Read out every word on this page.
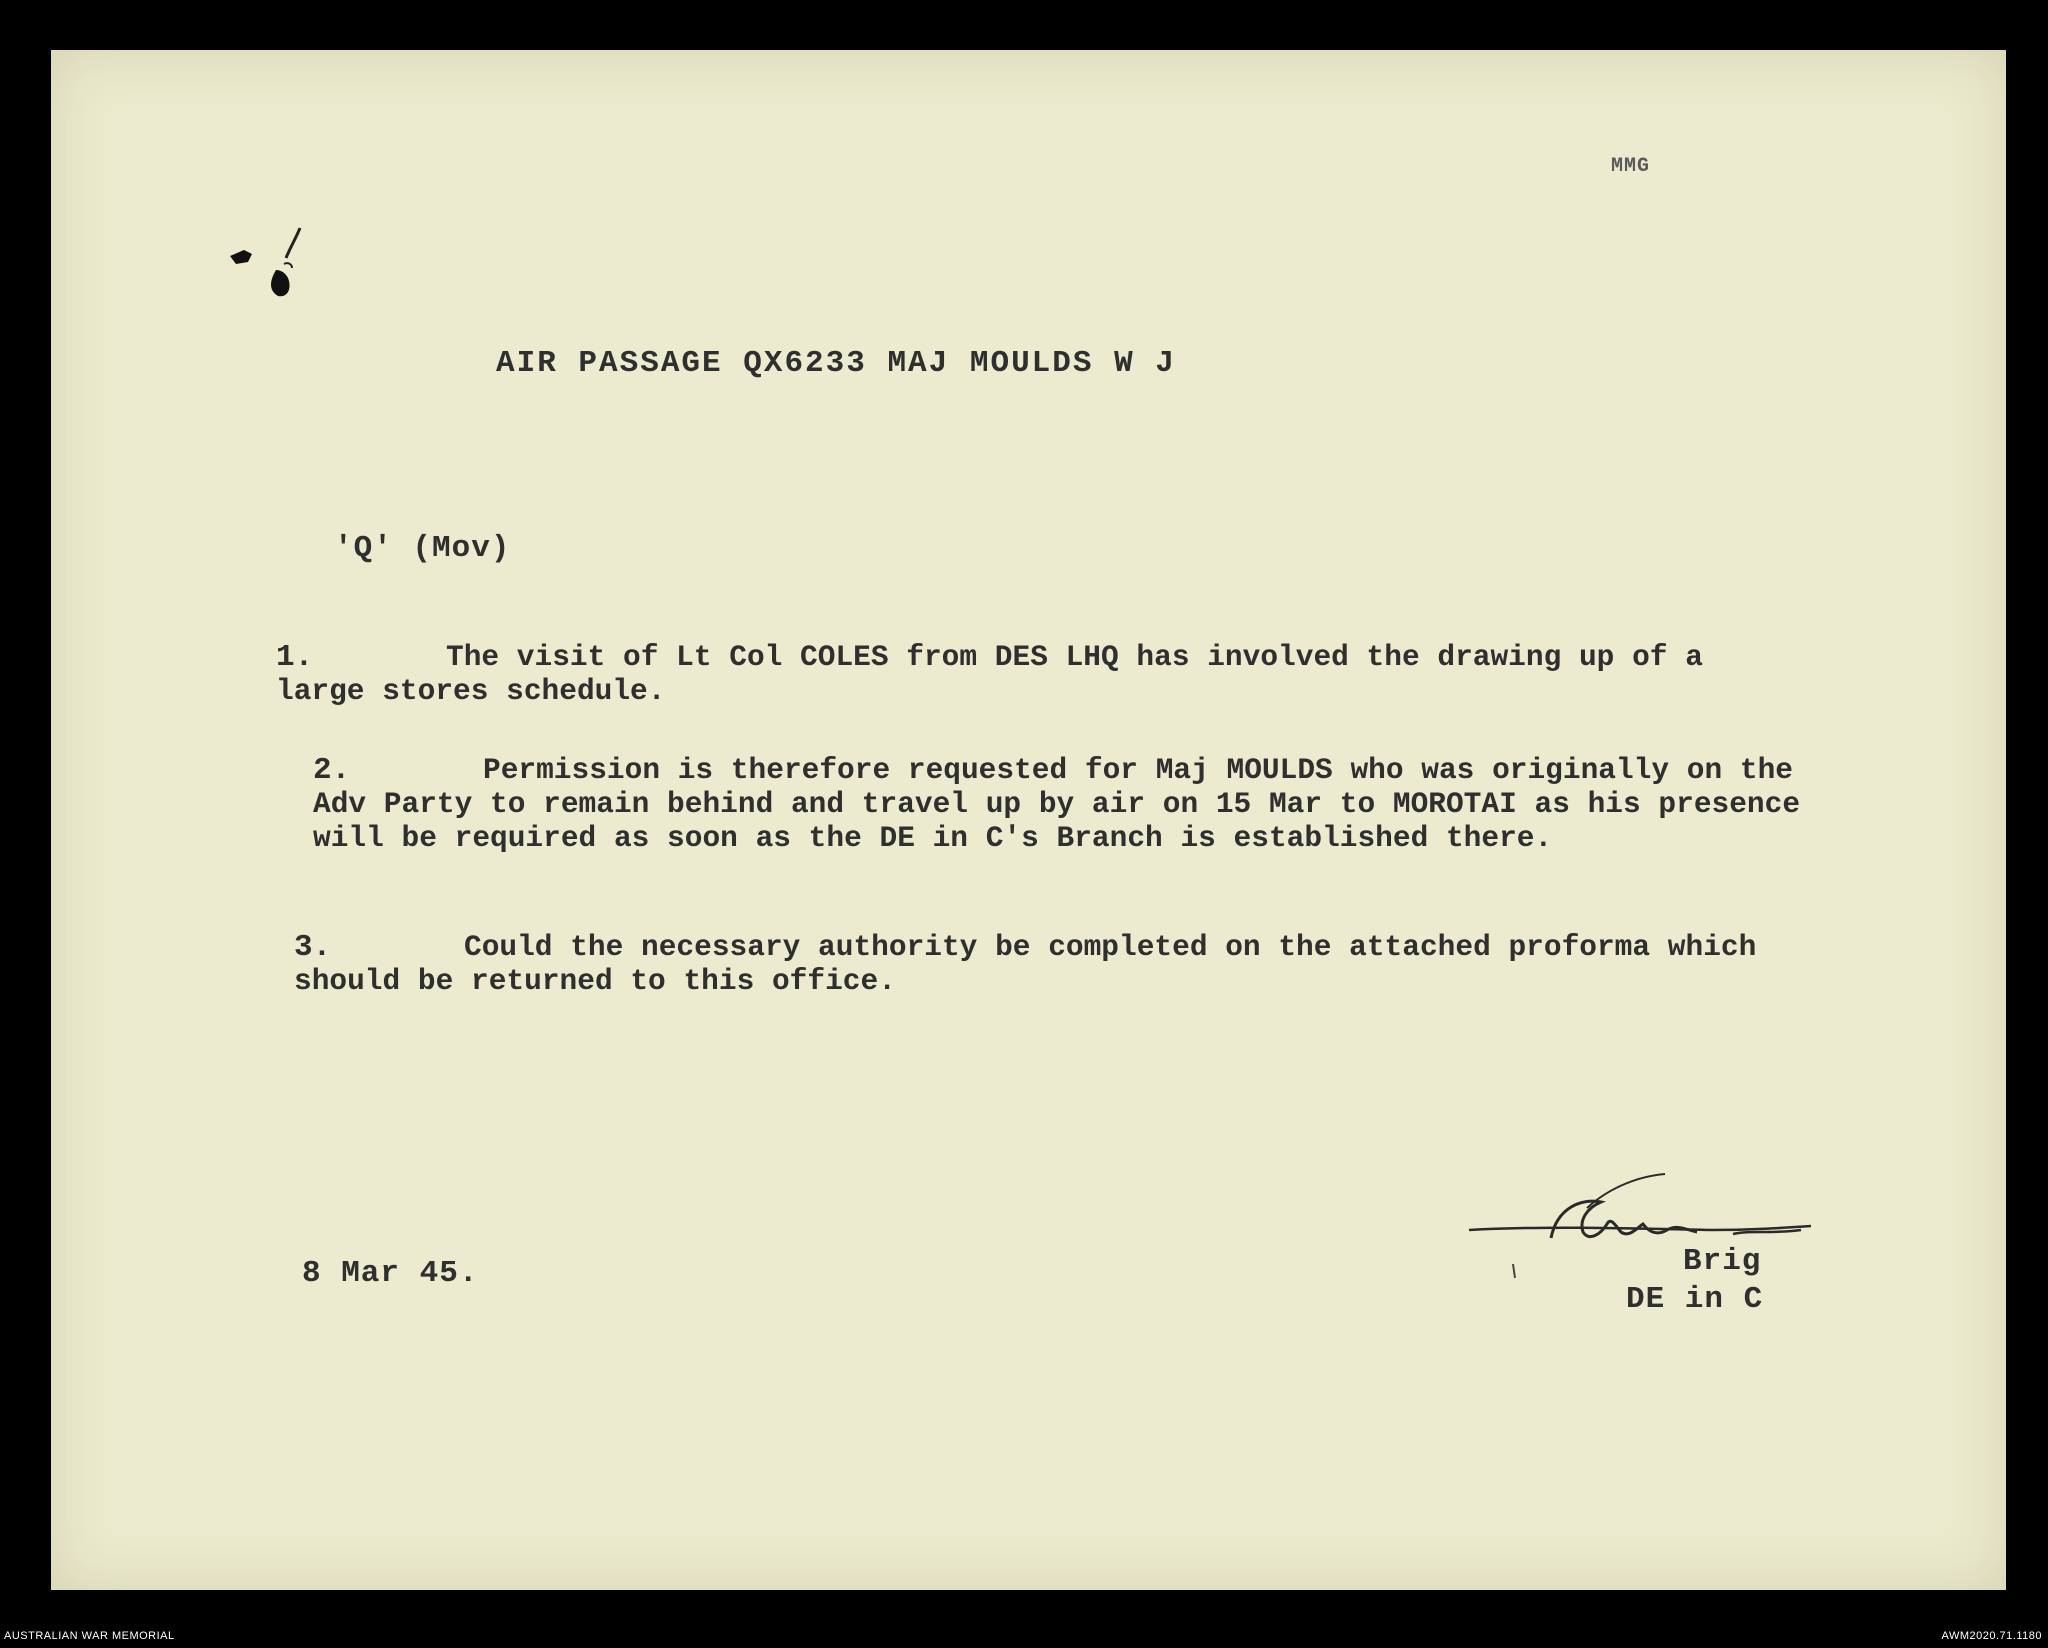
MMG
AIR PASSAGE QX6233 MAJ MOULDS W J
'Q' (Mov)
1.	The visit of Lt Col COLES from DES LHQ has involved the drawing up of a large stores schedule.

2.	Permission is therefore requested for Maj MOULDS who was originally on the Adv Party to remain behind and travel up by air on 15 Mar to MOROTAI as his presence will be required as soon as the DE in C's Branch is established there.

3.	Could the necessary authority be completed on the attached proforma which should be returned to this office.

8 Mar 45.	Brig
DE in C
AUSTRALIAN WAR MEMORIAL	AWM2020.71.1180
